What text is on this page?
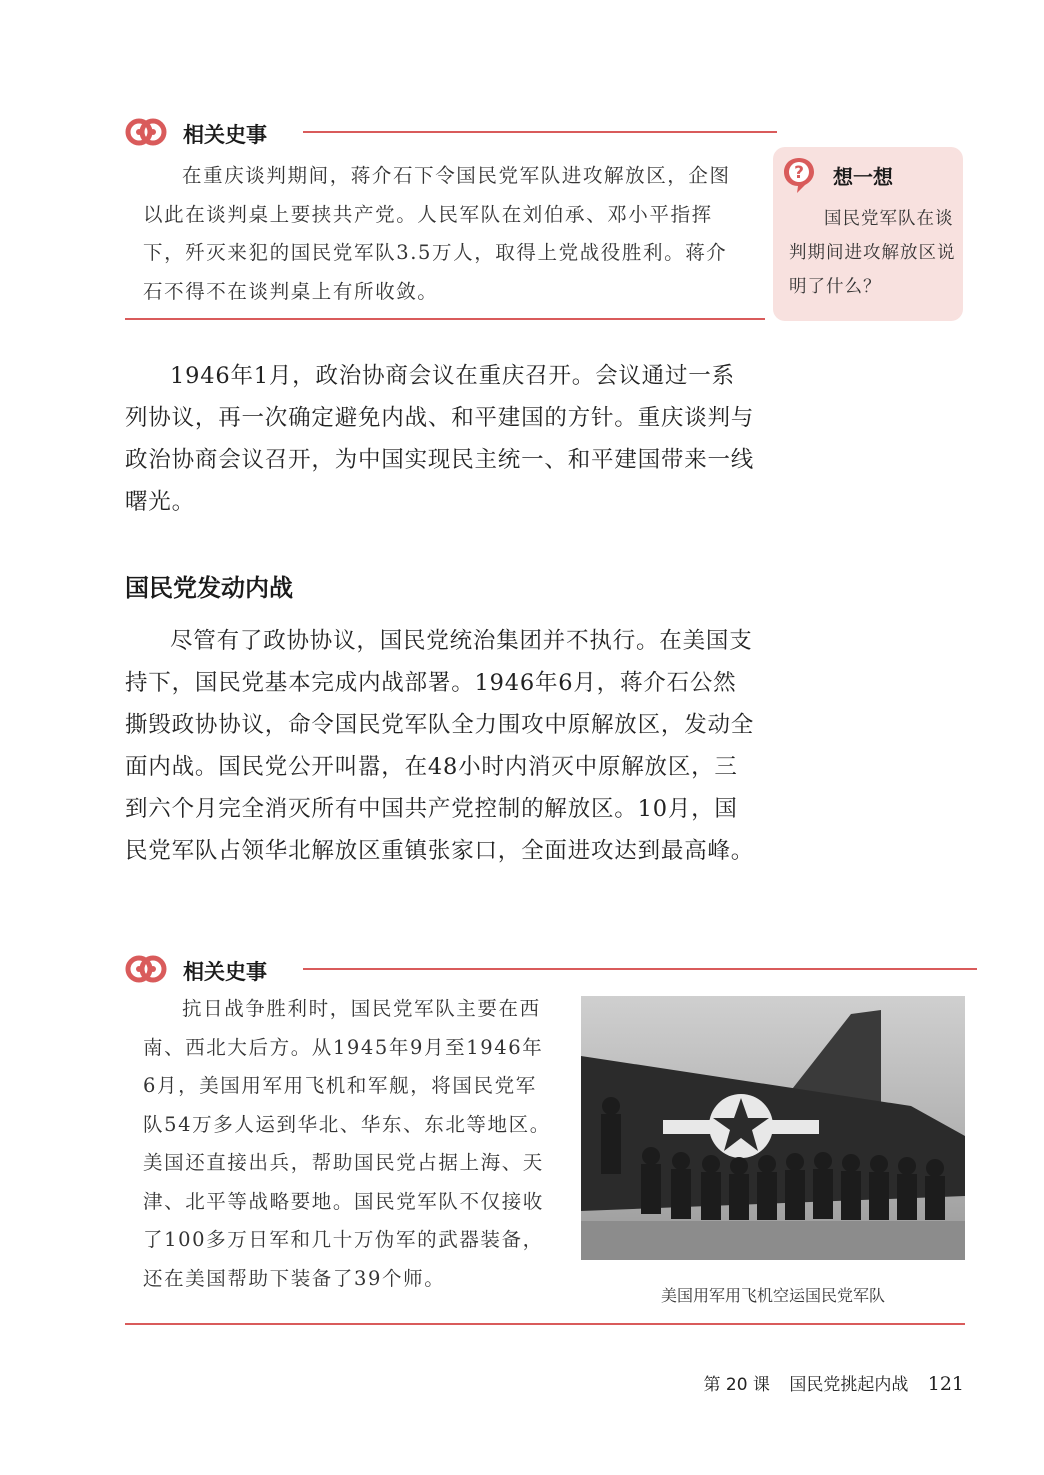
相关史事

在重庆谈判期间，蒋介石下令国民党军队进攻解放区，企图以此在谈判桌上要挟共产党。人民军队在刘伯承、邓小平指挥下，歼灭来犯的国民党军队3.5万人，取得上党战役胜利。蒋介石不得不在谈判桌上有所收敛。

? 想一想

国民党军队在谈判期间进攻解放区说明了什么？

1946年1月，政治协商会议在重庆召开。会议通过一系列协议，再一次确定避免内战、和平建国的方针。重庆谈判与政治协商会议召开，为中国实现民主统一、和平建国带来一线曙光。

国民党发动内战

尽管有了政协协议，国民党统治集团并不执行。在美国支持下，国民党基本完成内战部署。1946年6月，蒋介石公然撕毁政协协议，命令国民党军队全力围攻中原解放区，发动全面内战。国民党公开叫嚣，在48小时内消灭中原解放区，三到六个月完全消灭所有中国共产党控制的解放区。10月，国民党军队占领华北解放区重镇张家口，全面进攻达到最高峰。

相关史事

抗日战争胜利时，国民党军队主要在西南、西北大后方。从1945年9月至1946年6月，美国用军用飞机和军舰，将国民党军队54万多人运到华北、华东、东北等地区。美国还直接出兵，帮助国民党占据上海、天津、北平等战略要地。国民党军队不仅接收了100多万日军和几十万伪军的武器装备，还在美国帮助下装备了39个师。

美国用军用飞机空运国民党军队
第 20 课 国民党挑起内战 121
